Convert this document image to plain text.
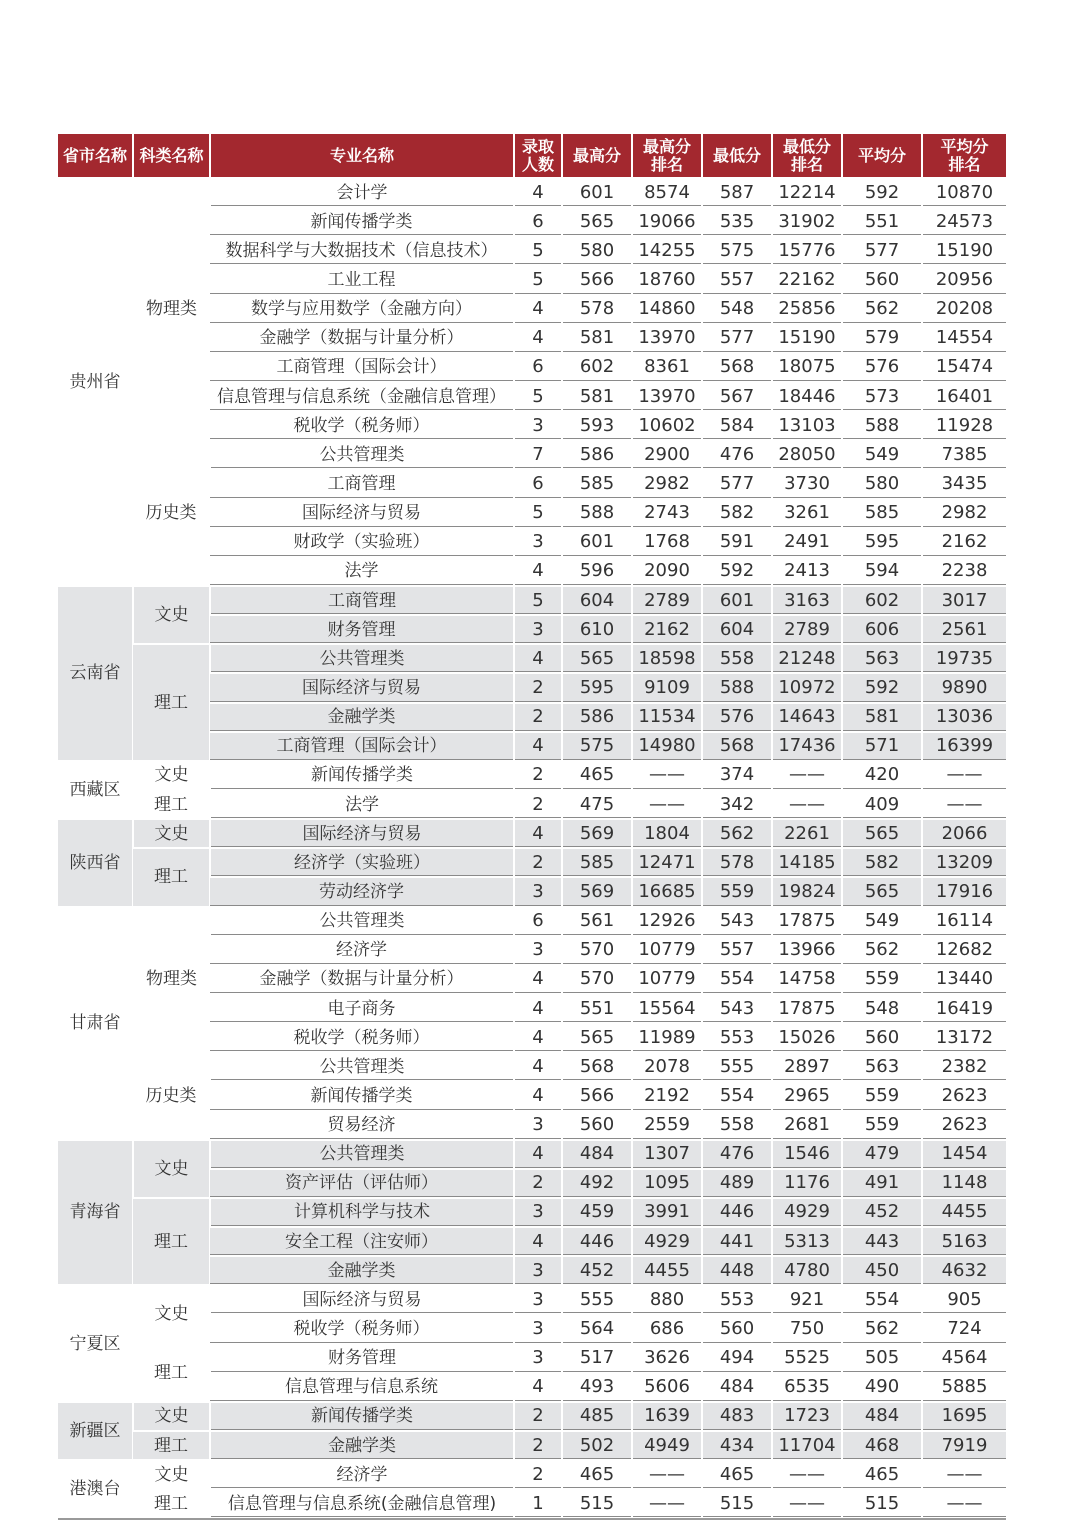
省市名称	科类名称	专业名称	录取人数	最高分	最高分排名	最低分	最低分排名	平均分	平均分排名
贵州省	物理类	会计学	4	601	8574	587	12214	592	10870
		新闻传播学类	6	565	19066	535	31902	551	24573
		数据科学与大数据技术（信息技术）	5	580	14255	575	15776	577	15190
		工业工程	5	566	18760	557	22162	560	20956
		数学与应用数学（金融方向）	4	578	14860	548	25856	562	20208
		金融学（数据与计量分析）	4	581	13970	577	15190	579	14554
		工商管理（国际会计）	6	602	8361	568	18075	576	15474
		信息管理与信息系统（金融信息管理）	5	581	13970	567	18446	573	16401
		税收学（税务师）	3	593	10602	584	13103	588	11928
	历史类	公共管理类	7	586	2900	476	28050	549	7385
		工商管理	6	585	2982	577	3730	580	3435
		国际经济与贸易	5	588	2743	582	3261	585	2982
		财政学（实验班）	3	601	1768	591	2491	595	2162
		法学	4	596	2090	592	2413	594	2238
云南省	文史	工商管理	5	604	2789	601	3163	602	3017
		财务管理	3	610	2162	604	2789	606	2561
	理工	公共管理类	4	565	18598	558	21248	563	19735
		国际经济与贸易	2	595	9109	588	10972	592	9890
		金融学类	2	586	11534	576	14643	581	13036
		工商管理（国际会计）	4	575	14980	568	17436	571	16399
西藏区	文史	新闻传播学类	2	465	——	374	——	420	——
	理工	法学	2	475	——	342	——	409	——
陕西省	文史	国际经济与贸易	4	569	1804	562	2261	565	2066
	理工	经济学（实验班）	2	585	12471	578	14185	582	13209
		劳动经济学	3	569	16685	559	19824	565	17916
甘肃省	物理类	公共管理类	6	561	12926	543	17875	549	16114
		经济学	3	570	10779	557	13966	562	12682
		金融学（数据与计量分析）	4	570	10779	554	14758	559	13440
		电子商务	4	551	15564	543	17875	548	16419
		税收学（税务师）	4	565	11989	553	15026	560	13172
	历史类	公共管理类	4	568	2078	555	2897	563	2382
		新闻传播学类	4	566	2192	554	2965	559	2623
		贸易经济	3	560	2559	558	2681	559	2623
青海省	文史	公共管理类	4	484	1307	476	1546	479	1454
		资产评估（评估师）	2	492	1095	489	1176	491	1148
	理工	计算机科学与技术	3	459	3991	446	4929	452	4455
		安全工程（注安师）	4	446	4929	441	5313	443	5163
		金融学类	3	452	4455	448	4780	450	4632
宁夏区	文史	国际经济与贸易	3	555	880	553	921	554	905
		税收学（税务师）	3	564	686	560	750	562	724
	理工	财务管理	3	517	3626	494	5525	505	4564
		信息管理与信息系统	4	493	5606	484	6535	490	5885
新疆区	文史	新闻传播学类	2	485	1639	483	1723	484	1695
	理工	金融学类	2	502	4949	434	11704	468	7919
港澳台	文史	经济学	2	465	——	465	——	465	——
	理工	信息管理与信息系统(金融信息管理)	1	515	——	515	——	515	——
